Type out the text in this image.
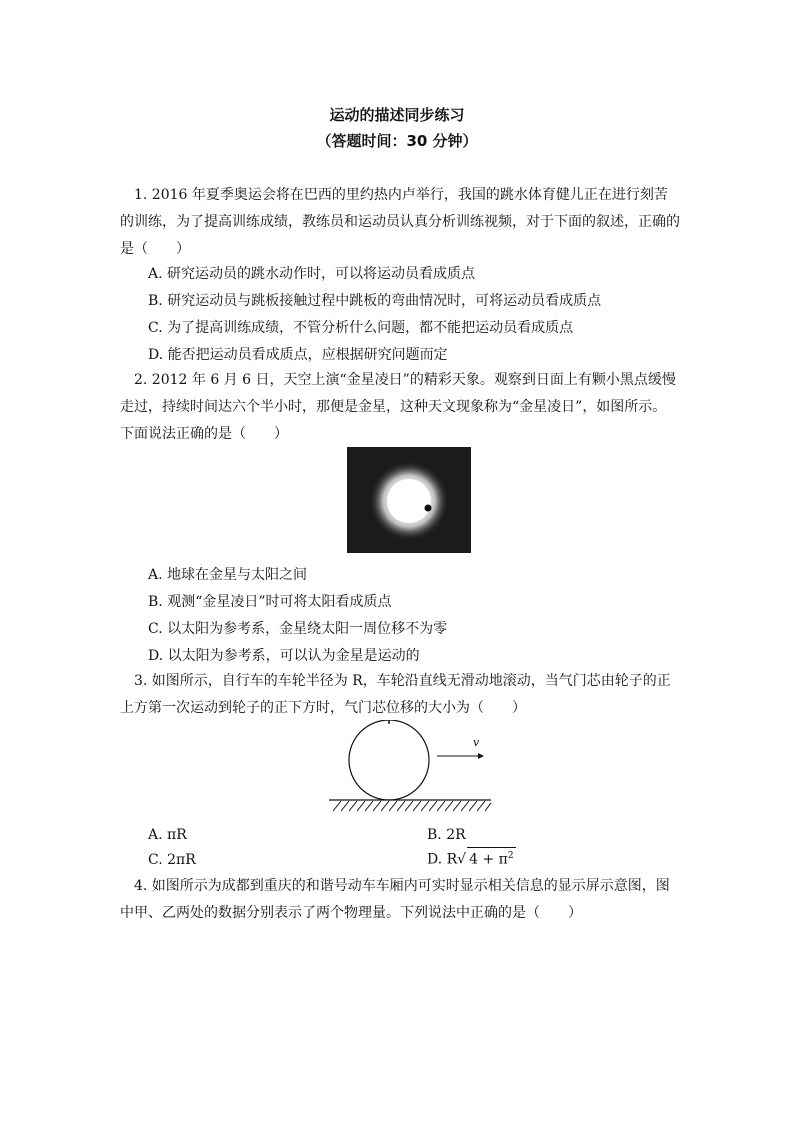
运动的描述同步练习
（答题时间：30 分钟）
1. 2016 年夏季奥运会将在巴西的里约热内卢举行，我国的跳水体育健儿正在进行刻苦的训练，为了提高训练成绩，教练员和运动员认真分析训练视频，对于下面的叙述，正确的是（　　）
A. 研究运动员的跳水动作时，可以将运动员看成质点
B. 研究运动员与跳板接触过程中跳板的弯曲情况时，可将运动员看成质点
C. 为了提高训练成绩，不管分析什么问题，都不能把运动员看成质点
D. 能否把运动员看成质点，应根据研究问题而定
2. 2012 年 6 月 6 日，天空上演“金星凌日”的精彩天象。观察到日面上有颗小黑点缓慢走过，持续时间达六个半小时，那便是金星，这种天文现象称为“金星凌日”，如图所示。下面说法正确的是（　　）
A. 地球在金星与太阳之间
B. 观测“金星凌日”时可将太阳看成质点
C. 以太阳为参考系，金星绕太阳一周位移不为零
D. 以太阳为参考系，可以认为金星是运动的
3. 如图所示，自行车的车轮半径为 R，车轮沿直线无滑动地滚动，当气门芯由轮子的正上方第一次运动到轮子的正下方时，气门芯位移的大小为（　　）
v
A. πR	B. 2R
C. 2πR	D. R√ $4 + \pi^2$
4. 如图所示为成都到重庆的和谐号动车车厢内可实时显示相关信息的显示屏示意图，图中甲、乙两处的数据分别表示了两个物理量。下列说法中正确的是（　　）
